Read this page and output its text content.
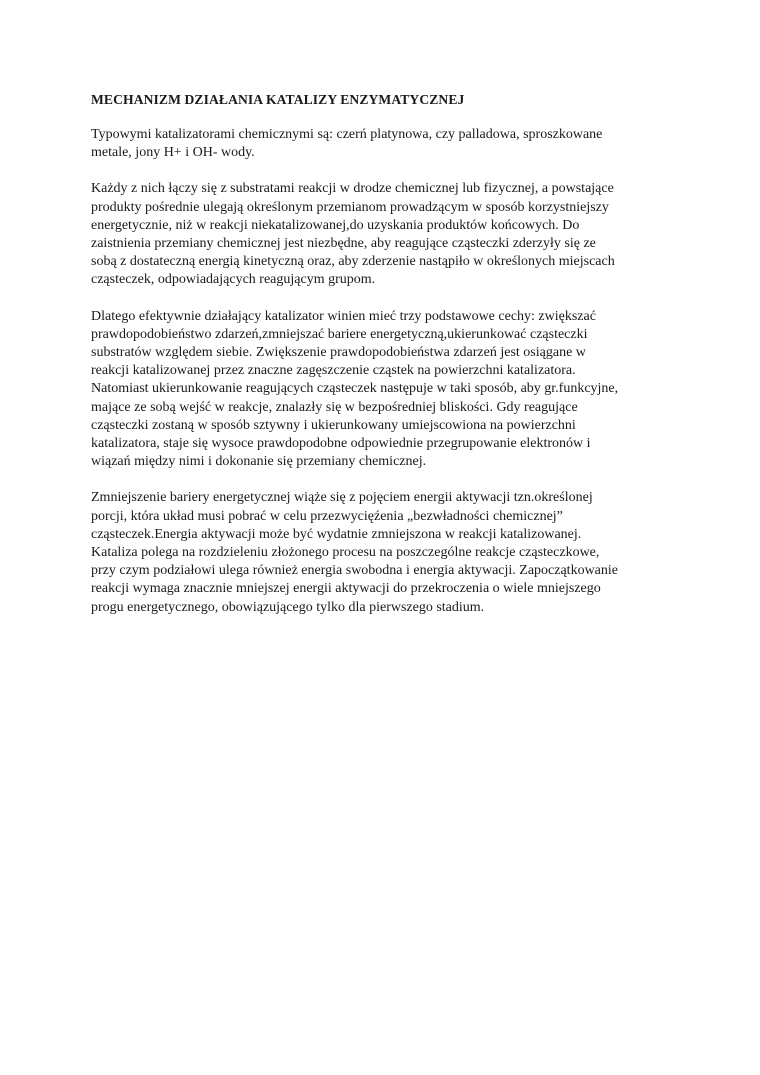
MECHANIZM DZIAŁANIA KATALIZY ENZYMATYCZNEJ
Typowymi katalizatorami chemicznymi są: czerń platynowa, czy palladowa, sproszkowane
metale, jony H+ i OH- wody.
Każdy z nich łączy się z substratami reakcji w drodze chemicznej lub fizycznej, a powstające
produkty pośrednie ulegają określonym przemianom prowadzącym w sposób korzystniejszy
energetycznie, niż w reakcji niekatalizowanej,do uzyskania produktów końcowych. Do
zaistnienia przemiany chemicznej jest niezbędne, aby reagujące cząsteczki zderzyły się ze
sobą z dostateczną energią kinetyczną oraz, aby zderzenie nastąpiło w określonych miejscach
cząsteczek, odpowiadających reagującym grupom.
Dlatego efektywnie działający katalizator winien mieć trzy podstawowe cechy: zwiększać
prawdopodobieństwo zdarzeń,zmniejszać bariere energetyczną,ukierunkować cząsteczki
substratów względem siebie. Zwiększenie prawdopodobieństwa zdarzeń jest osiągane w
reakcji katalizowanej przez znaczne zagęszczenie cząstek na powierzchni katalizatora.
Natomiast ukierunkowanie reagujących cząsteczek następuje w taki sposób, aby gr.funkcyjne,
mające ze sobą wejść w reakcje, znalazły się w bezpośredniej bliskości. Gdy reagujące
cząsteczki zostaną w sposób sztywny i ukierunkowany umiejscowiona na powierzchni
katalizatora, staje się wysoce prawdopodobne odpowiednie przegrupowanie elektronów i
wiązań między nimi i dokonanie się przemiany chemicznej.
Zmniejszenie bariery energetycznej wiąże się z pojęciem energii aktywacji tzn.określonej
porcji, która układ musi pobrać w celu przezwycięźenia „bezwładności chemicznej”
cząsteczek.Energia aktywacji może być wydatnie zmniejszona w reakcji katalizowanej.
Kataliza polega na rozdzieleniu złożonego procesu na poszczególne reakcje cząsteczkowe,
przy czym podziałowi ulega również energia swobodna i energia aktywacji. Zapoczątkowanie
reakcji wymaga znacznie mniejszej energii aktywacji do przekroczenia o wiele mniejszego
progu energetycznego, obowiązującego tylko dla pierwszego stadium.
